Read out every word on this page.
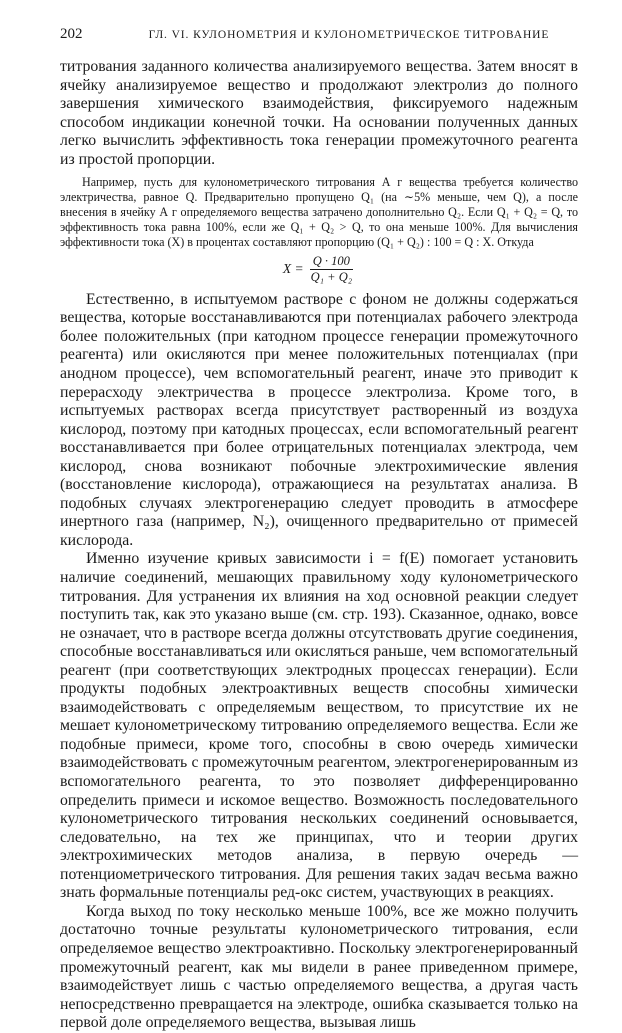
202	ГЛ. VI. КУЛОНОМЕТРИЯ И КУЛОНОМЕТРИЧЕСКОЕ ТИТРОВАНИЕ

титрования заданного количества анализируемого вещества. Затем вносят в ячейку анализируемое вещество и продолжают электролиз до полного завершения химического взаимодействия, фиксируемого надежным способом индикации конечной точки. На основании полученных данных легко вычислить эффективность тока генерации промежуточного реагента из простой пропорции.

Например, пусть для кулонометрического титрования А г вещества требуется количество электричества, равное Q. Предварительно пропущено Q₁ (на ∼5% меньше, чем Q), а после внесения в ячейку А г определяемого вещества затрачено дополнительно Q₂. Если Q₁ + Q₂ = Q, то эффективность тока равна 100%, если же Q₁ + Q₂ > Q, то она меньше 100%. Для вычисления эффективности тока (X) в процентах составляют пропорцию (Q₁ + Q₂) : 100 = Q : X. Откуда

$X = \frac{Q \cdot 100}{\text{Q₁ + Q₂}}$

Естественно, в испытуемом растворе с фоном не должны содержаться вещества, которые восстанавливаются при потенциалах рабочего электрода более положительных (при катодном процессе генерации промежуточного реагента) или окисляются при менее положительных потенциалах (при анодном процессе), чем вспомогательный реагент, иначе это приводит к перерасходу электричества в процессе электролиза. Кроме того, в испытуемых растворах всегда присутствует растворенный из воздуха кислород, поэтому при катодных процессах, если вспомогательный реагент восстанавливается при более отрицательных потенциалах электрода, чем кислород, снова возникают побочные электрохимические явления (восстановление кислорода), отражающиеся на результатах анализа. В подобных случаях электрогенерацию следует проводить в атмосфере инертного газа (например, N₂), очищенного предварительно от примесей кислорода.

Именно изучение кривых зависимости i = f(E) помогает установить наличие соединений, мешающих правильному ходу кулонометрического титрования. Для устранения их влияния на ход основной реакции следует поступить так, как это указано выше (см. стр. 193). Сказанное, однако, вовсе не означает, что в растворе всегда должны отсутствовать другие соединения, способные восстанавливаться или окисляться раньше, чем вспомогательный реагент (при соответствующих электродных процессах генерации). Если продукты подобных электроактивных веществ способны химически взаимодействовать с определяемым веществом, то присутствие их не мешает кулонометрическому титрованию определяемого вещества. Если же подобные примеси, кроме того, способны в свою очередь химически взаимодействовать с промежуточным реагентом, электрогенерированным из вспомогательного реагента, то это позволяет дифференцированно определить примеси и искомое вещество. Возможность последовательного кулонометрического титрования нескольких соединений основывается, следовательно, на тех же принципах, что и теории других электрохимических методов анализа, в первую очередь — потенциометрического титрования. Для решения таких задач весьма важно знать формальные потенциалы ред-окс систем, участвующих в реакциях.

Когда выход по току несколько меньше 100%, все же можно получить достаточно точные результаты кулонометрического титрования, если определяемое вещество электроактивно. Поскольку электрогенерированный промежуточный реагент, как мы видели в ранее приведенном примере, взаимодействует лишь с частью определяемого вещества, а другая часть непосредственно превращается на электроде, ошибка сказывается только на первой доле определяемого вещества, вызывая лишь
